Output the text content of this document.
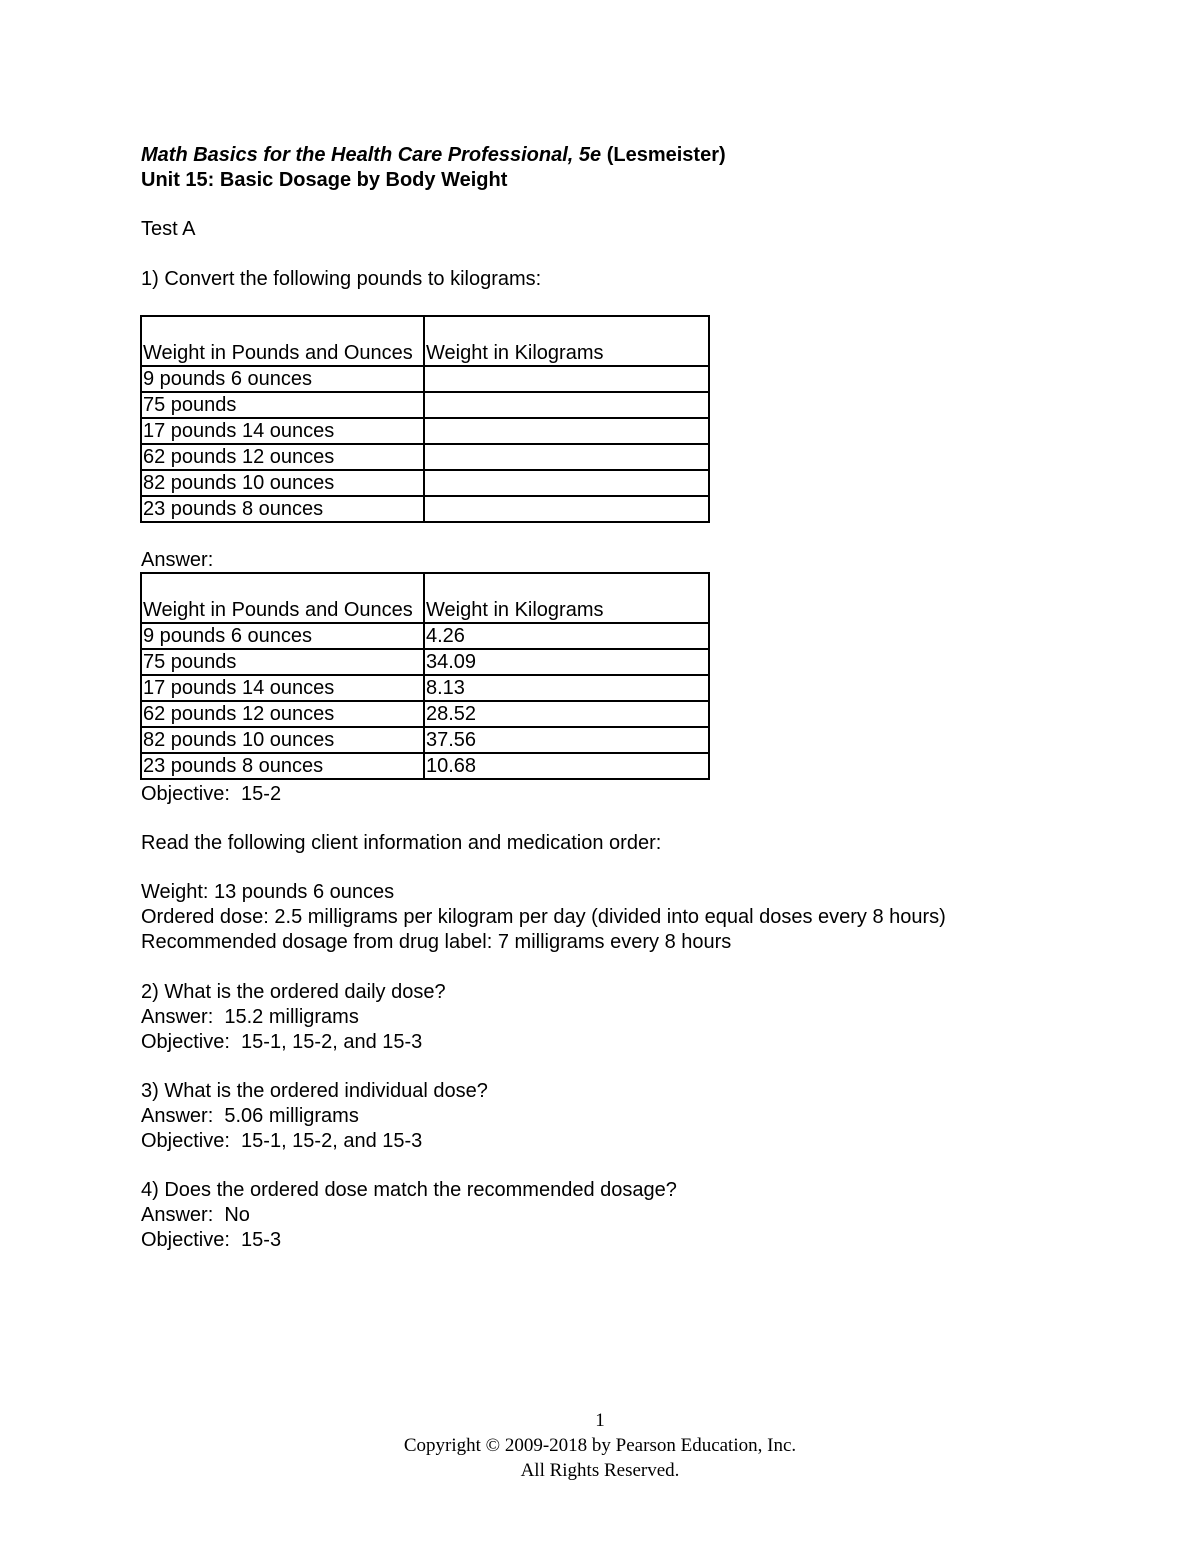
Math Basics for the Health Care Professional, 5e (Lesmeister)
Unit 15: Basic Dosage by Body Weight
Test A
1) Convert the following pounds to kilograms:
Weight in Pounds and Ounces	Weight in Kilograms
9 pounds 6 ounces	
75 pounds	
17 pounds 14 ounces	
62 pounds 12 ounces	
82 pounds 10 ounces	
23 pounds 8 ounces	
Answer:
Weight in Pounds and Ounces	Weight in Kilograms
9 pounds 6 ounces	4.26
75 pounds	34.09
17 pounds 14 ounces	8.13
62 pounds 12 ounces	28.52
82 pounds 10 ounces	37.56
23 pounds 8 ounces	10.68
Objective:  15-2
Read the following client information and medication order:
Weight: 13 pounds 6 ounces
Ordered dose: 2.5 milligrams per kilogram per day (divided into equal doses every 8 hours)
Recommended dosage from drug label: 7 milligrams every 8 hours
2) What is the ordered daily dose?
Answer:  15.2 milligrams
Objective:  15-1, 15-2, and 15-3
3) What is the ordered individual dose?
Answer:  5.06 milligrams
Objective:  15-1, 15-2, and 15-3
4) Does the ordered dose match the recommended dosage?
Answer:  No
Objective:  15-3
1
Copyright © 2009-2018 by Pearson Education, Inc.
All Rights Reserved.
